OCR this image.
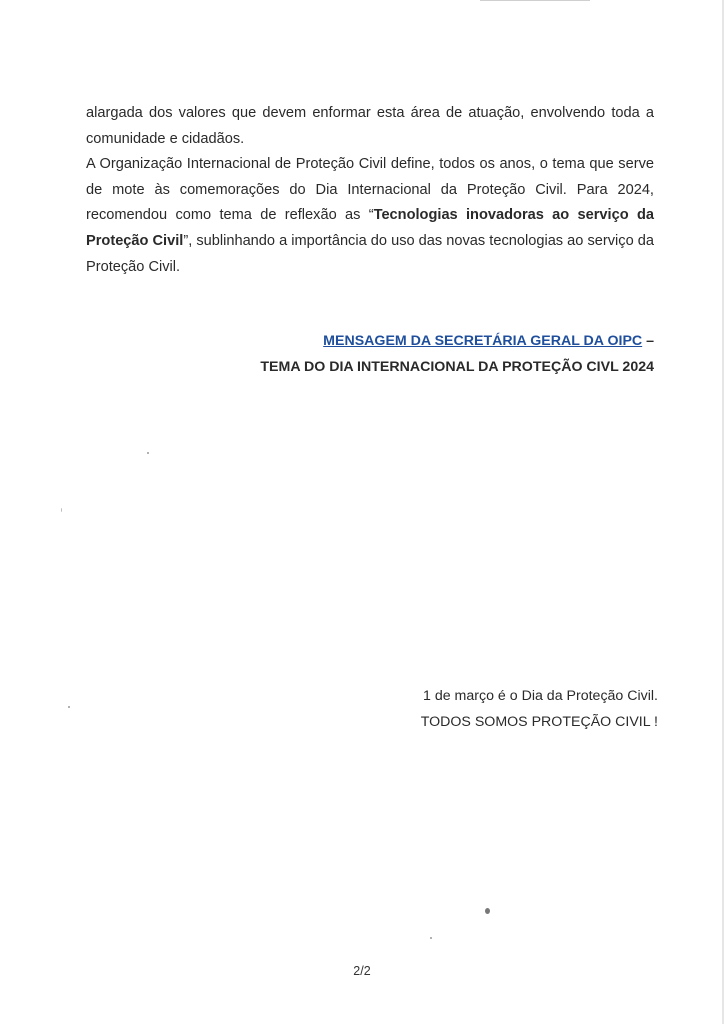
alargada dos valores que devem enformar esta área de atuação, envolvendo toda a comunidade e cidadãos.

A Organização Internacional de Proteção Civil define, todos os anos, o tema que serve de mote às comemorações do Dia Internacional da Proteção Civil. Para 2024, recomendou como tema de reflexão as “Tecnologias inovadoras ao serviço da Proteção Civil”, sublinhando a importância do uso das novas tecnologias ao serviço da Proteção Civil.

MENSAGEM DA SECRETÁRIA GERAL DA OIPC –
TEMA DO DIA INTERNACIONAL DA PROTEÇÃO CIVL 2024
1 de março é o Dia da Proteção Civil.
TODOS SOMOS PROTEÇÃO CIVIL !
2/2
